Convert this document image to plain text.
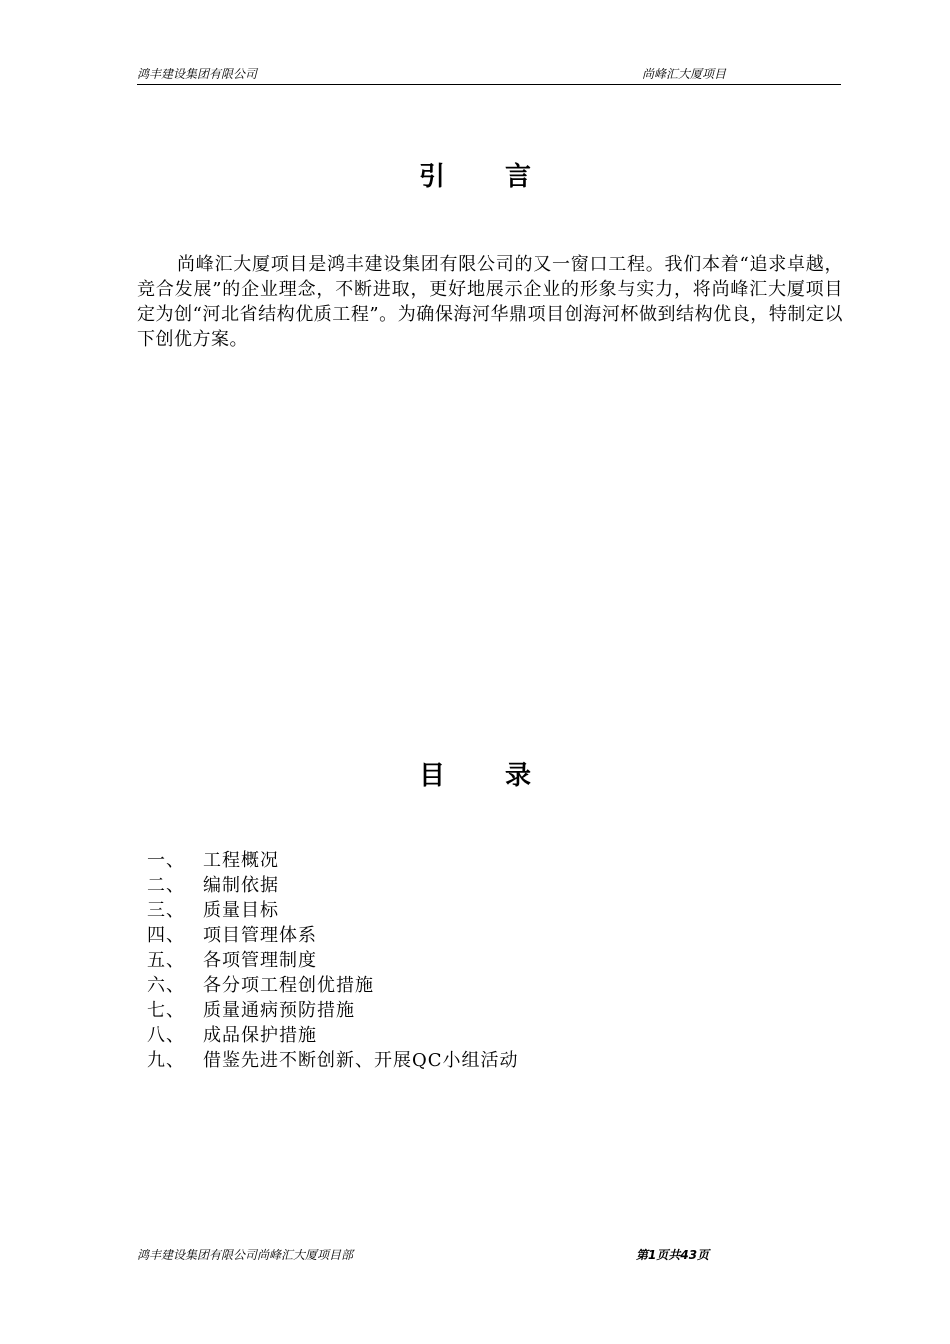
鸿丰建设集团有限公司	尚峰汇大厦项目
引言

尚峰汇大厦项目是鸿丰建设集团有限公司的又一窗口工程。我们本着“追求卓越，竞合发展”的企业理念，不断进取，更好地展示企业的形象与实力，将尚峰汇大厦项目定为创“河北省结构优质工程”。为确保海河华鼎项目创海河杯做到结构优良，特制定以下创优方案。

目录
一、	工程概况
二、	编制依据
三、	质量目标
四、	项目管理体系
五、	各项管理制度
六、	各分项工程创优措施
七、	质量通病预防措施
八、	成品保护措施
九、	借鉴先进不断创新、开展QC小组活动
鸿丰建设集团有限公司尚峰汇大厦项目部	第1页共43页
